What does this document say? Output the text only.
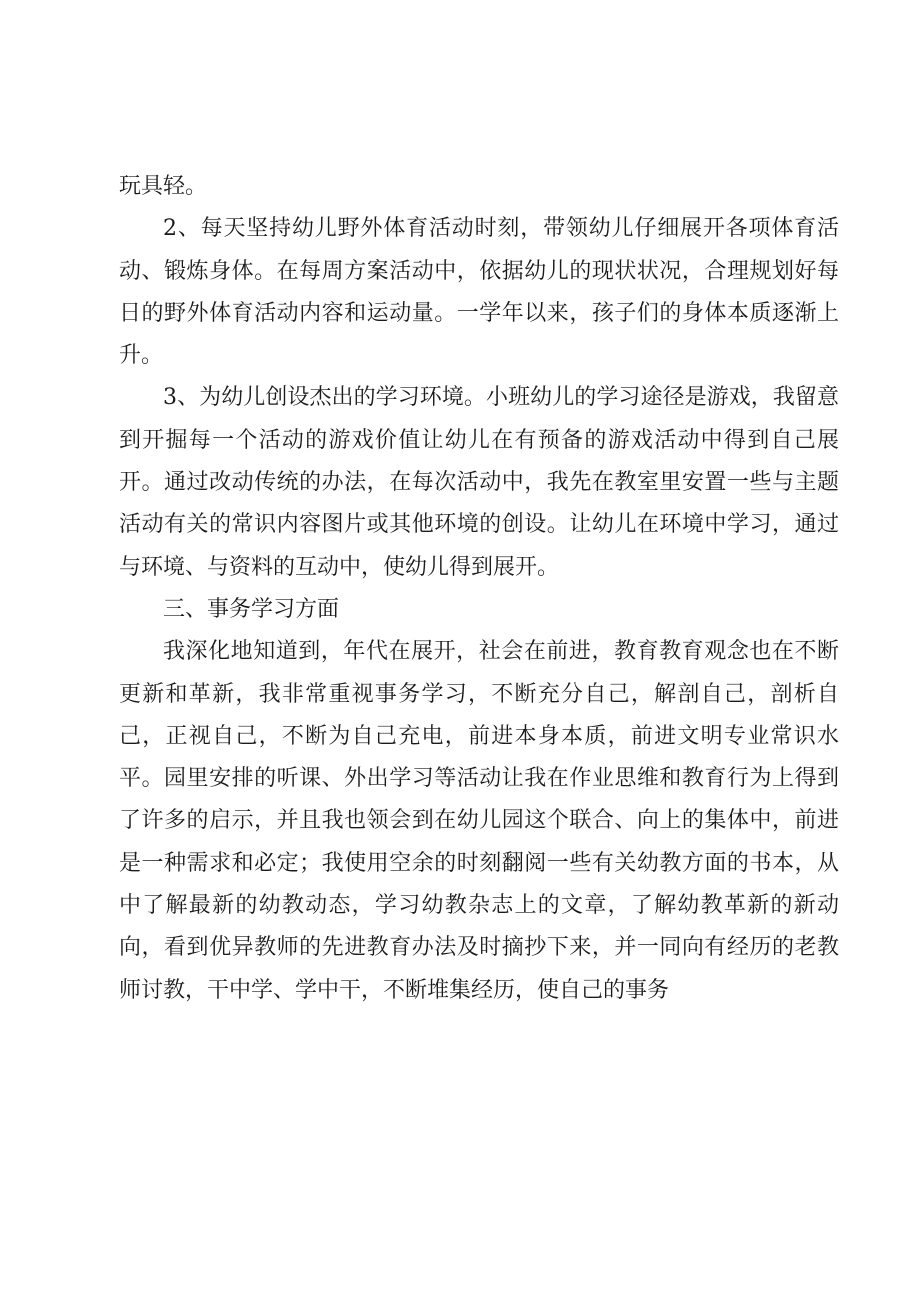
玩具轻。

2、每天坚持幼儿野外体育活动时刻，带领幼儿仔细展开各项体育活动、锻炼身体。在每周方案活动中，依据幼儿的现状状况，合理规划好每日的野外体育活动内容和运动量。一学年以来，孩子们的身体本质逐渐上升。

3、为幼儿创设杰出的学习环境。小班幼儿的学习途径是游戏，我留意到开掘每一个活动的游戏价值让幼儿在有预备的游戏活动中得到自己展开。通过改动传统的办法，在每次活动中，我先在教室里安置一些与主题活动有关的常识内容图片或其他环境的创设。让幼儿在环境中学习，通过与环境、与资料的互动中，使幼儿得到展开。

三、事务学习方面

我深化地知道到，年代在展开，社会在前进，教育教育观念也在不断更新和革新，我非常重视事务学习，不断充分自己，解剖自己，剖析自己，正视自己，不断为自己充电，前进本身本质，前进文明专业常识水平。园里安排的听课、外出学习等活动让我在作业思维和教育行为上得到了许多的启示，并且我也领会到在幼儿园这个联合、向上的集体中，前进是一种需求和必定；我使用空余的时刻翻阅一些有关幼教方面的书本，从中了解最新的幼教动态，学习幼教杂志上的文章，了解幼教革新的新动向，看到优异教师的先进教育办法及时摘抄下来，并一同向有经历的老教师讨教，干中学、学中干，不断堆集经历，使自己的事务
